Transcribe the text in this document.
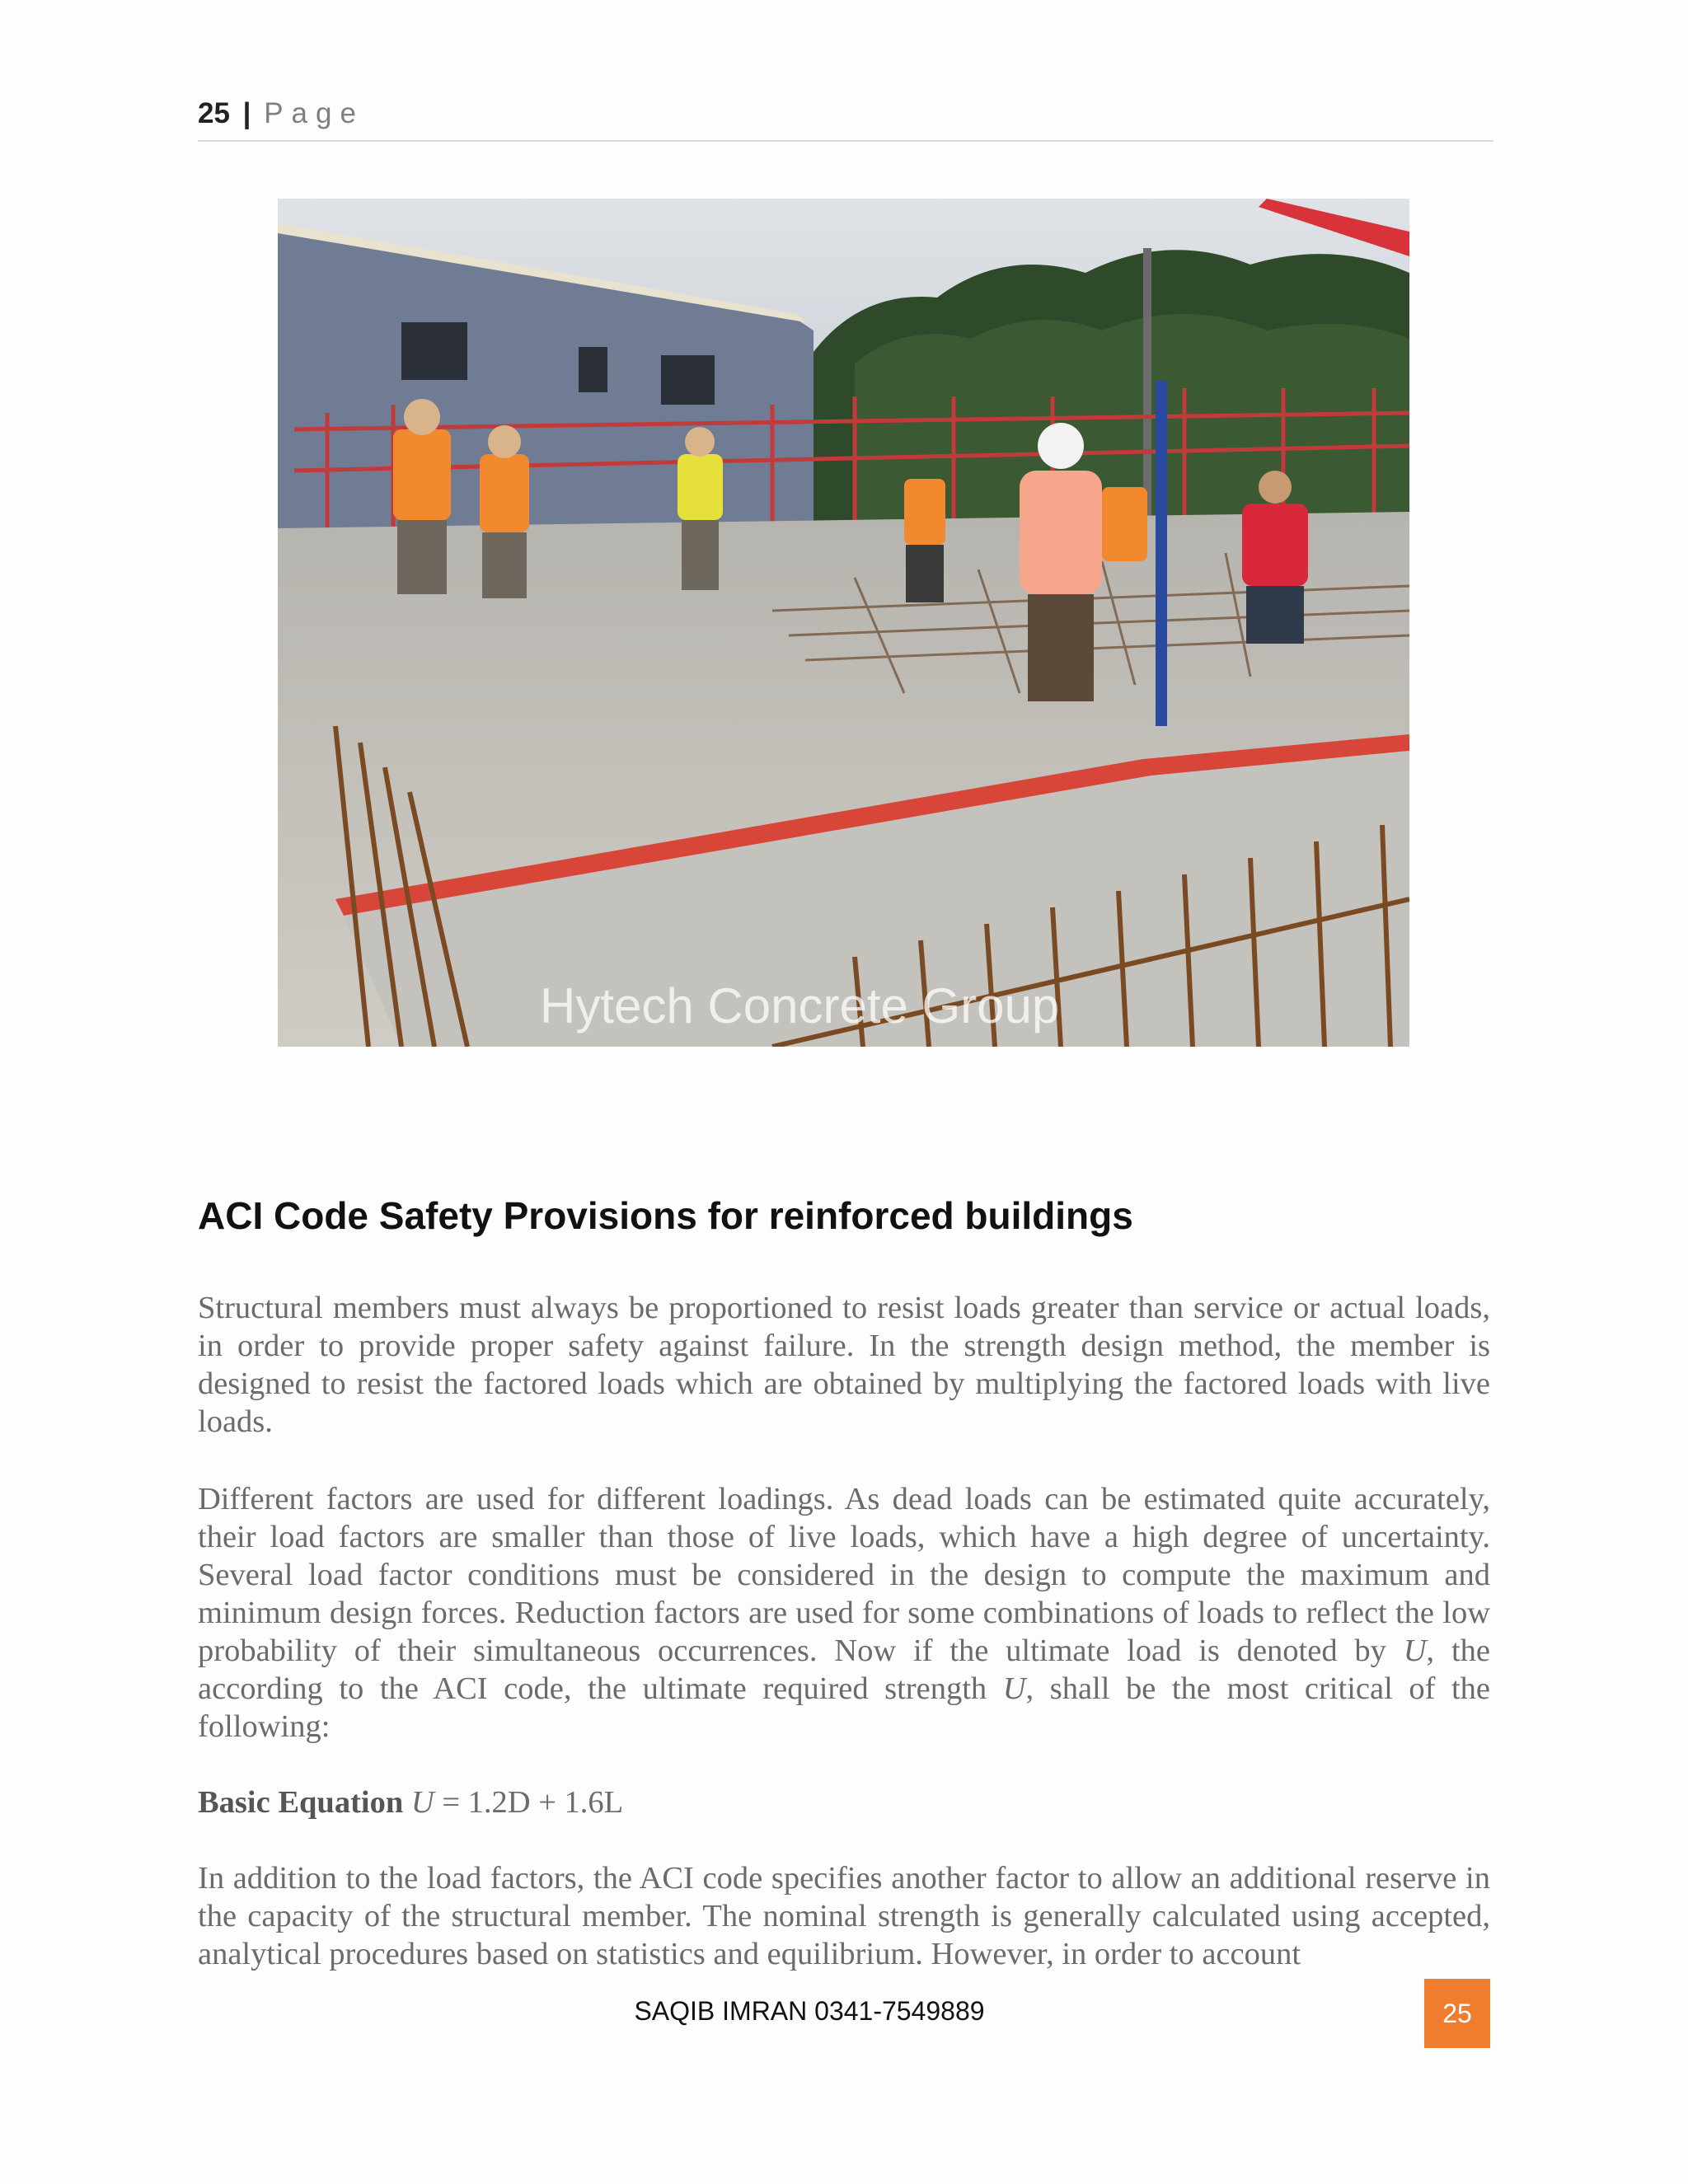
25 | Page
Hytech Concrete Group
ACI Code Safety Provisions for reinforced buildings

Structural members must always be proportioned to resist loads greater than service or actual loads, in order to provide proper safety against failure. In the strength design method, the member is designed to resist the factored loads which are obtained by multiplying the factored loads with live loads.

Different factors are used for different loadings. As dead loads can be estimated quite accurately, their load factors are smaller than those of live loads, which have a high degree of uncertainty. Several load factor conditions must be considered in the design to compute the maximum and minimum design forces. Reduction factors are used for some combinations of loads to reflect the low probability of their simultaneous occurrences. Now if the ultimate load is denoted by U, the according to the ACI code, the ultimate required strength U, shall be the most critical of the following:

Basic Equation U = 1.2D + 1.6L

In addition to the load factors, the ACI code specifies another factor to allow an additional reserve in the capacity of the structural member. The nominal strength is generally calculated using accepted, analytical procedures based on statistics and equilibrium. However, in order to account

SAQIB IMRAN 0341-7549889	25
